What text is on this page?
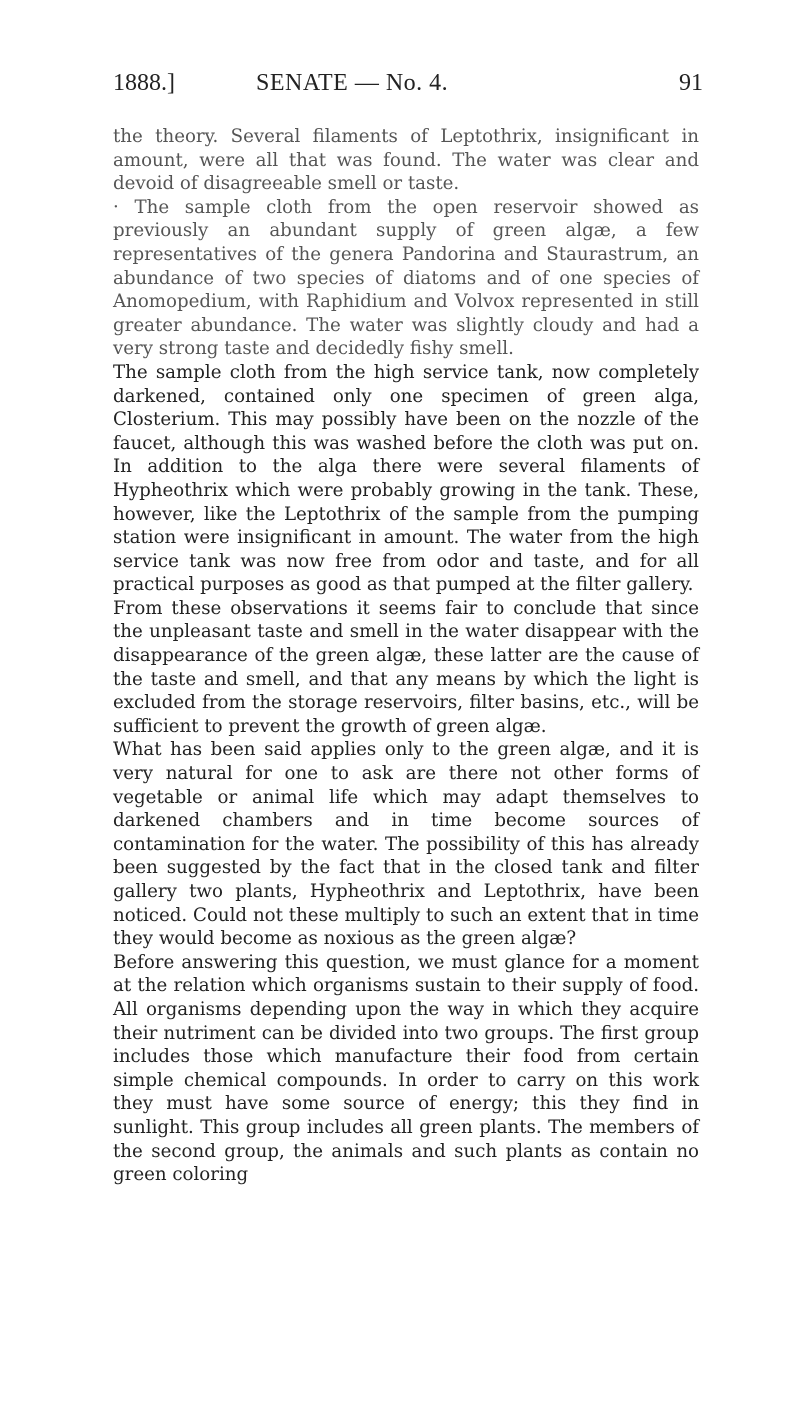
1888.]	SENATE — No. 4.	91

the theory. Several filaments of Leptothrix, insignificant in amount, were all that was found. The water was clear and devoid of disagreeable smell or taste.

· The sample cloth from the open reservoir showed as previously an abundant supply of green algæ, a few representatives of the genera Pandorina and Staurastrum, an abundance of two species of diatoms and of one species of Anomopedium, with Raphidium and Volvox represented in still greater abundance. The water was slightly cloudy and had a very strong taste and decidedly fishy smell.

The sample cloth from the high service tank, now completely darkened, contained only one specimen of green alga, Closterium. This may possibly have been on the nozzle of the faucet, although this was washed before the cloth was put on. In addition to the alga there were several filaments of Hypheothrix which were probably growing in the tank. These, however, like the Leptothrix of the sample from the pumping station were insignificant in amount. The water from the high service tank was now free from odor and taste, and for all practical purposes as good as that pumped at the filter gallery.

From these observations it seems fair to conclude that since the unpleasant taste and smell in the water disappear with the disappearance of the green algæ, these latter are the cause of the taste and smell, and that any means by which the light is excluded from the storage reservoirs, filter basins, etc., will be sufficient to prevent the growth of green algæ.

What has been said applies only to the green algæ, and it is very natural for one to ask are there not other forms of vegetable or animal life which may adapt themselves to darkened chambers and in time become sources of contamination for the water. The possibility of this has already been suggested by the fact that in the closed tank and filter gallery two plants, Hypheothrix and Leptothrix, have been noticed. Could not these multiply to such an extent that in time they would become as noxious as the green algæ?

Before answering this question, we must glance for a moment at the relation which organisms sustain to their supply of food. All organisms depending upon the way in which they acquire their nutriment can be divided into two groups. The first group includes those which manufacture their food from certain simple chemical compounds. In order to carry on this work they must have some source of energy; this they find in sunlight. This group includes all green plants. The members of the second group, the animals and such plants as contain no green coloring
